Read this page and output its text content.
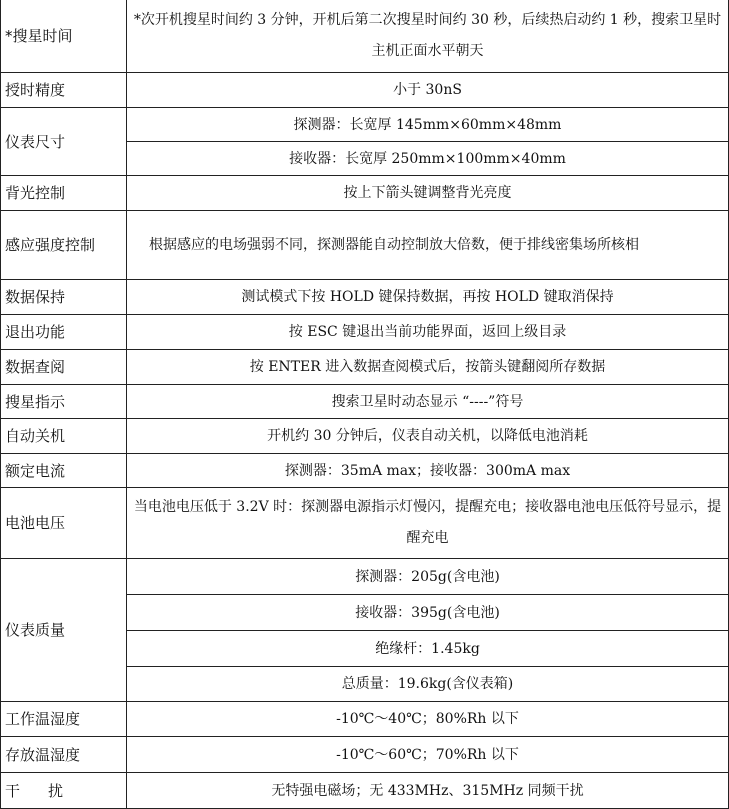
*搜星时间	*次开机搜星时间约 3 分钟，开机后第二次搜星时间约 30 秒，后续热启动约 1 秒，搜索卫星时主机正面水平朝天
授时精度	小于 30nS
仪表尺寸	探测器：长宽厚 145mm×60mm×48mm
	接收器：长宽厚 250mm×100mm×40mm
背光控制	按上下箭头键调整背光亮度
感应强度控制	根据感应的电场强弱不同，探测器能自动控制放大倍数，便于排线密集场所核相
数据保持	测试模式下按 HOLD 键保持数据，再按 HOLD 键取消保持
退出功能	按 ESC 键退出当前功能界面，返回上级目录
数据查阅	按 ENTER 进入数据查阅模式后，按箭头键翻阅所存数据
搜星指示	搜索卫星时动态显示 “----”符号
自动关机	开机约 30 分钟后，仪表自动关机，以降低电池消耗
额定电流	探测器：35mA max；接收器：300mA max
电池电压	当电池电压低于 3.2V 时：探测器电源指示灯慢闪，提醒充电；接收器电池电压低符号显示，提醒充电
仪表质量	探测器：205g(含电池)
	接收器：395g(含电池)
	绝缘杆：1.45kg
	总质量：19.6kg(含仪表箱)
工作温湿度	-10℃～40℃；80%Rh 以下
存放温湿度	-10℃～60℃；70%Rh 以下
干扰	无特强电磁场；无 433MHz、315MHz 同频干扰
